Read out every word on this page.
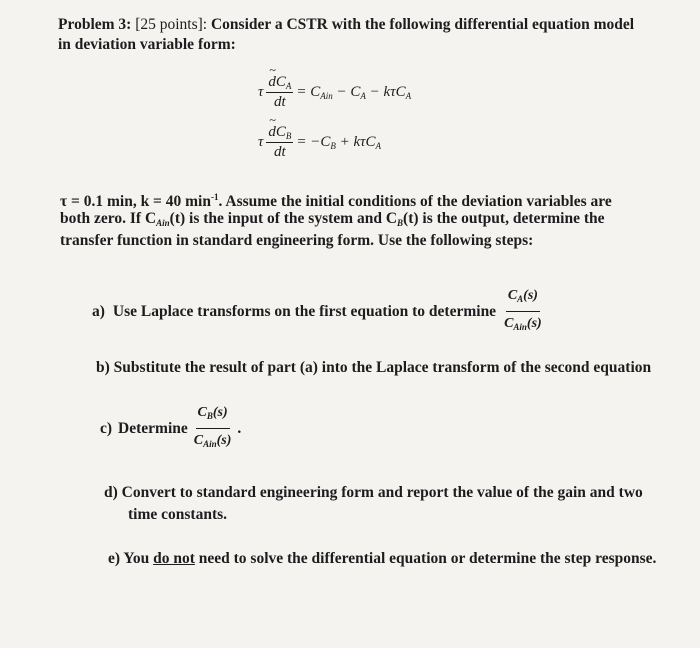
Problem 3: [25 points]: Consider a CSTR with the following differential equation model
in deviation variable form:
τ ~ $\frac{dC_A}{dt} = C_{Ain} - C_A - k\tau C_A$
τ ~ $\frac{dC_B}{dt} = -C_B + k\tau C_A$
τ = 0.1 min, k = 40 $\min^{-1}$. Assume the initial conditions of the deviation variables are
both zero. If $C_{Ain}(t)$ is the input of the system and $C_B(t)$ is the output, determine the
transfer function in standard engineering form. Use the following steps:
a) Use Laplace transforms on the first equation to determine $\frac{C_A(s)}{C_{Ain}(s)}$
b) Substitute the result of part (a) into the Laplace transform of the second equation
c) Determine $\frac{C_B(s)}{C_{Ain}(s)}$ .
d) Convert to standard engineering form and report the value of the gain and two
time constants.
e) You do not need to solve the differential equation or determine the step response.
